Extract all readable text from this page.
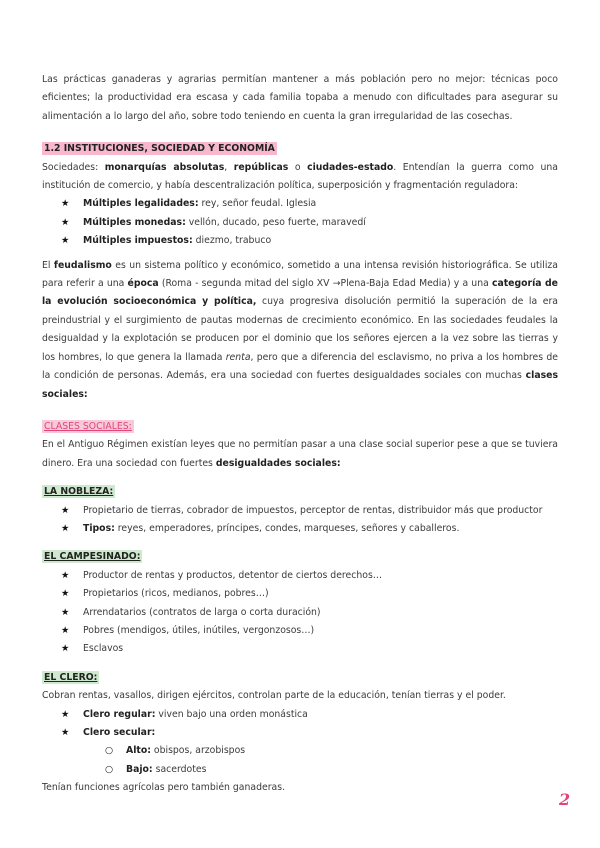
Las prácticas ganaderas y agrarias permitían mantener a más población pero no mejor: técnicas poco eficientes; la productividad era escasa y cada familia topaba a menudo con dificultades para asegurar su alimentación a lo largo del año, sobre todo teniendo en cuenta la gran irregularidad de las cosechas.

1.2 INSTITUCIONES, SOCIEDAD Y ECONOMÍA

Sociedades: monarquías absolutas, repúblicas o ciudades-estado. Entendían la guerra como una institución de comercio, y había descentralización política, superposición y fragmentación reguladora:

★ Múltiples legalidades: rey, señor feudal. Iglesia
★ Múltiples monedas: vellón, ducado, peso fuerte, maravedí
★ Múltiples impuestos: diezmo, trabuco

El feudalismo es un sistema político y económico, sometido a una intensa revisión historiográfica. Se utiliza para referir a una época (Roma - segunda mitad del siglo XV →Plena-Baja Edad Media) y a una categoría de la evolución socioeconómica y política, cuya progresiva disolución permitió la superación de la era preindustrial y el surgimiento de pautas modernas de crecimiento económico. En las sociedades feudales la desigualdad y la explotación se producen por el dominio que los señores ejercen a la vez sobre las tierras y los hombres, lo que genera la llamada renta, pero que a diferencia del esclavismo, no priva a los hombres de la condición de personas. Además, era una sociedad con fuertes desigualdades sociales con muchas clases sociales:

CLASES SOCIALES:

En el Antiguo Régimen existían leyes que no permitían pasar a una clase social superior pese a que se tuviera dinero. Era una sociedad con fuertes desigualdades sociales:

LA NOBLEZA:

★ Propietario de tierras, cobrador de impuestos, perceptor de rentas, distribuidor más que productor
★ Tipos: reyes, emperadores, príncipes, condes, marqueses, señores y caballeros.

EL CAMPESINADO:

★ Productor de rentas y productos, detentor de ciertos derechos…
★ Propietarios (ricos, medianos, pobres…)
★ Arrendatarios (contratos de larga o corta duración)
★ Pobres (mendigos, útiles, inútiles, vergonzosos…)
★ Esclavos

EL CLERO:

Cobran rentas, vasallos, dirigen ejércitos, controlan parte de la educación, tenían tierras y el poder.

★ Clero regular: viven bajo una orden monástica
★ Clero secular:
○ Alto: obispos, arzobispos
○ Bajo: sacerdotes

Tenían funciones agrícolas pero también ganaderas.

2
